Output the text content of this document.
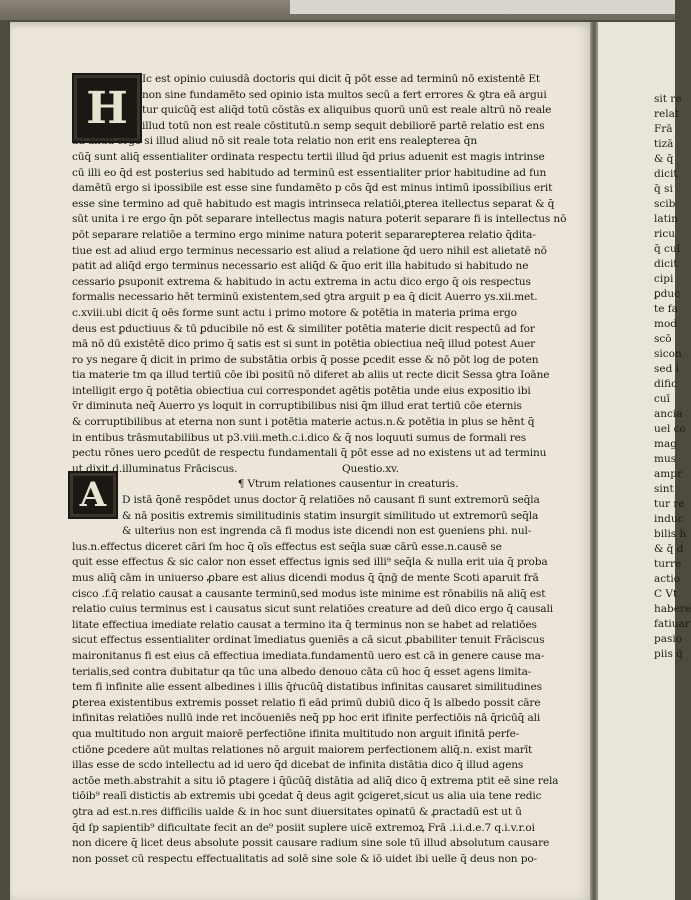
sit re
relat
Frā
tizā
& q̄
dicit
q̄ si
scib
latin
ricu
q̄ cuī
dicit
cipi
ꝑduc
te fa
mod
scō
sicon
sed i
dific
cuī
ancia
uel co
mag
mus
ampr
sint
tur re
induc
bilis h
& q̄ d
turre
actio
C Vt
habere
fatiuar
pasio
piis q̄
H
A
Ic est opinio cuiusdā doctoris qui dicit q̄ pōt esse ad terminū nō existentē Et
non sine fundamēto sed opinio ista multos secū a fert errores & ꝯtra eā argui
tur quicūq̄ est aliq̄d totū cōstās ex aliquibus quorū unū est reale altrū nō reale
illud totū non est reale cōstitutū.n semp sequit debiliorē partē relatio est ens
ad aliud ergo si illud aliud nō sit reale tota relatio non erit ens realeꝑterea q̄n
cūq̄ sunt aliq̄ essentialiter ordinata respectu tertii illud q̄d prius aduenit est magis intrinse
cū illi eo q̄d est posterius sed habitudo ad terminū est essentialiter prior habitudine ad fun
damētū ergo si ipossibile est esse sine fundamēto p cōs q̄d est minus intimū ipossibilius erit
esse sine termino ad quē habitudo est magis intrinseca relatiōi,ꝑterea itellectus separat & q̄
sūt unita i re ergo q̄n pōt separare intellectus magis natura poterit separare fi is intellectus nō
pōt separare relatiōe a termino ergo minime natura poterit separareꝑterea relatio q̄dita-
tiue est ad aliud ergo terminus necessario est aliud a relatione q̄d uero nihil est alietatē nō
patit ad aliq̄d ergo terminus necessario est aliq̄d & q̄uo erit illa habitudo si habitudo ne
cessario ꝑsuponit extrema & habitudo in actu extrema in actu dico ergo q̄ ois respectus
formalis necessario hēt terminū existentem,sed ꝯtra arguit p ea q̄ dicit Auerro ys.xii.met.
c.xviii.ubi dicit q̄ oēs forme sunt actu i primo motore & potētia in materia prima ergo
deus est ꝑductiuus & tū ꝑducibile nō est & similiter potētia materie dicit respectū ad for
mā nō dū existētē dico primo q̄ satis est si sunt in potētia obiectiua neq̄ illud potest Auer
ro ys negare q̄ dicit in primo de substātia orbis q̄ posse ꝑcedit esse & nō pōt log de poten
tia materie tm qa illud tertiū cōe ibi positū nō diferet ab aliis ut recte dicit Sessa ꝯtra Ioāne
intelligit ergo q̄ potētia obiectiua cui correspondet agētis potētia unde eius expositio ibi
v̄r diminuta neq̄ Auerro ys loquit in corruptibilibus nisi q̄m illud erat tertiū cōe eternis
& corruptibilibus at eterna non sunt i potētia materie actus.n.& potētia in plus se hēnt q̄
in entibus trāsmutabilibus ut p3.viii.meth.c.i.dico & q̄ nos loquuti sumus de formali res
pectu rōnes uero ꝑcedūt de respectu fundamentali q̄ pōt esse ad no existens ut ad terminu
ut dixit.d.illuminatus Frāciscus.	Questio.xv.
¶ Vtrum relationes causentur in creaturis.
D istā q̄onē respōdet unus doctor q̄ relatiōes nō causant fi sunt extremorū seq̄la
& nā positis extremis similitudinis statim insurgit similitudo ut extremorū seq̄la
& ulterius non est ingrenda cā fi modus iste dicendi non est ꝯueniens phi. nul-
lus.n.effectus diceret cāri ſm hoc q̄ oīs effectus est seq̄la suæ cārū esse.n.causē se
quit esse effectus & sic calor non esset effectus ignis sed illi⁹ seq̄la & nulla erit uia q̄ proba
mus aliq̄ cām in uniuerso ꝓbare est alius dicendi modus q̄ q̄nḡ de mente Scoti aparuit frā
cisco .f.q̄ relatio causat a causante terminū,sed modus iste minime est rōnabilis nā aliq̄ est
relatio cuius terminus est i causatus sicut sunt relatiōes creature ad deū dico ergo q̄ causali
litate effectiua imediate relatio causat a termino ita q̄ terminus non se habet ad relatiōes
sicut effectus essentialiter ordinat īmediatus ꝯueniēs a cā sicut ꝓbabiliter tenuit Frāciscus
maironitanus fi est eius cā effectiua imediata.fundamentū uero est cā in genere cause ma-
terialis,sed contra dubitatur qa tūc una albedo denouo cāta cū hoc q̄ esset agens limita-
tem fi infinite alie essent albedines i illis q̄ṙucūq̄ distatibus infinitas causaret similitudines
ꝑterea existentibus extremis posset relatio fi eād primū dubiū dico q̄ ls albedo possit cāre
infinitas relatiōes nullū inde ret incōueniēs neq̄ pp hoc erit ifinite perfectiōis nā q̄ricūq̄ ali
qua multitudo non arguit maiorē perfectiōne ifinita multitudo non arguit ifinitā perfe-
ctiōne ꝑcedere aūt multas relationes nō arguit maiorem perfectionem aliq̄.n. exist marīt
illas esse de scdo intellectu ad id uero q̄d dicebat de infinita distātia dico q̄ illud agens
actōe meth.abstrahit a situ iō ꝑtagere i q̄ūcūq̄ distātia ad aliq̄ dico q̄ extrema ptit eē sine rela
tiōib⁹ realī distictis ab extremis ubi ꝯcedat q̄ deus agit ꝯcigeret,sicut us alia uia tene redic
ꝯtra ad est.n.res difficilis ualde & in hoc sunt diuersitates opinatū & ꝓractadū est ut ū
q̄d ſp sapientib⁹ dificultate fecit an de⁹ posiit suplere uicē extremoꝝ Frā .i.i.d.e.7 q.i.v.r.oi
non dicere q̄ licet deus absolute possit causare radium sine sole tū illud absolutum causare
non posset cū respectu effectualitatis ad solē sine sole & iō uidet ibi uelle q̄ deus non po-
